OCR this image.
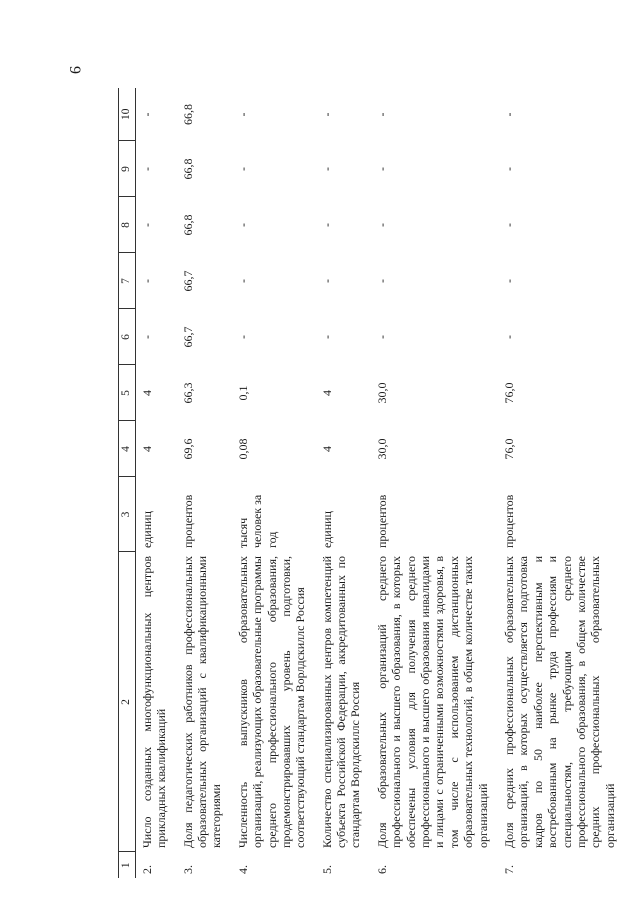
9
1	2	3	4	5	6	7	8	9	10
2.	Число созданных многофункциональных центров прикладных квалификаций	единиц	4	4	-	-	-	-	-
3.	Доля педагогических работников профессиональных образовательных организаций с квалификационными категориями	процентов	69,6	66,3	66,7	66,7	66,8	66,8	66,8
4.	Численность выпускников образовательных организаций, реализующих образовательные программы среднего профессионального образования, продемонстрировавших уровень подготовки, соответствующий стандартам Ворлдскиллс Россия	тысяч человек за год	0,08	0,1	-	-	-	-	-
5.	Количество специализированных центров компетенций субъекта Российской Федерации, аккредитованных по стандартам Ворлдскиллс Россия	единиц	4	4	-	-	-	-	-
6.	Доля образовательных организаций среднего профессионального и высшего образования, в которых обеспечены условия для получения среднего профессионального и высшего образования инвалидами и лицами с ограниченными возможностями здоровья, в том числе с использованием дистанционных образовательных технологий, в общем количестве таких организаций	процентов	30,0	30,0	-	-	-	-	-
7.	Доля средних профессиональных образовательных организаций, в которых осуществляется подготовка кадров по 50 наиболее перспективным и востребованным на рынке труда профессиям и специальностям, требующим среднего профессионального образования, в общем количестве средних профессиональных образовательных организаций	процентов	76,0	76,0	-	-	-	-	-
